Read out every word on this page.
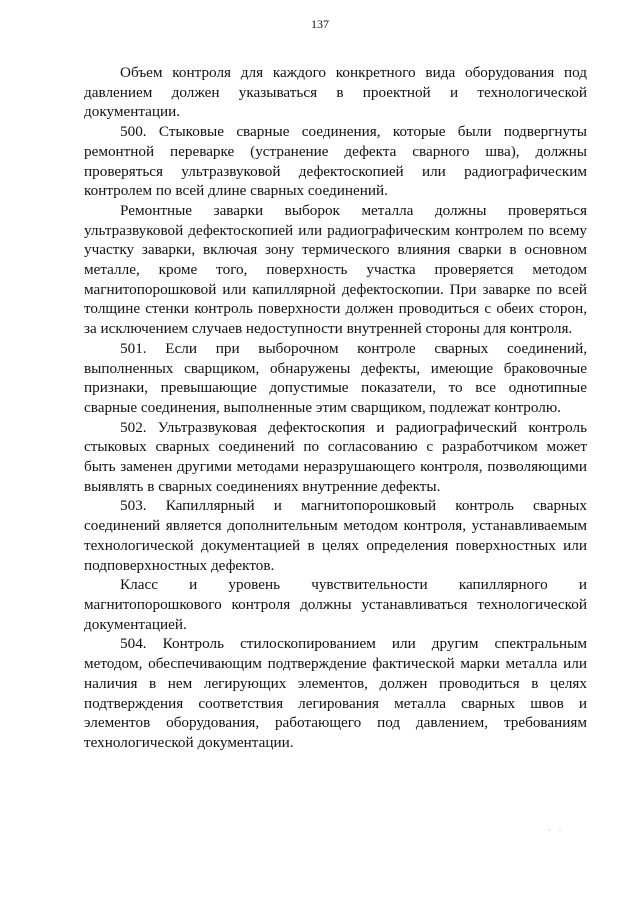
137

Объем контроля для каждого конкретного вида оборудования под давлением должен указываться в проектной и технологической документации.

500. Стыковые сварные соединения, которые были подвергнуты ремонтной переварке (устранение дефекта сварного шва), должны проверяться ультразвуковой дефектоскопией или радиографическим контролем по всей длине сварных соединений.

Ремонтные заварки выборок металла должны проверяться ультразвуковой дефектоскопией или радиографическим контролем по всему участку заварки, включая зону термического влияния сварки в основном металле, кроме того, поверхность участка проверяется методом магнитопорошковой или капиллярной дефектоскопии. При заварке по всей толщине стенки контроль поверхности должен проводиться с обеих сторон, за исключением случаев недоступности внутренней стороны для контроля.

501. Если при выборочном контроле сварных соединений, выполненных сварщиком, обнаружены дефекты, имеющие браковочные признаки, превышающие допустимые показатели, то все однотипные сварные соединения, выполненные этим сварщиком, подлежат контролю.

502. Ультразвуковая дефектоскопия и радиографический контроль стыковых сварных соединений по согласованию с разработчиком может быть заменен другими методами неразрушающего контроля, позволяющими выявлять в сварных соединениях внутренние дефекты.

503. Капиллярный и магнитопорошковый контроль сварных соединений является дополнительным методом контроля, устанавливаемым технологической документацией в целях определения поверхностных или подповерхностных дефектов.

Класс и уровень чувствительности капиллярного и магнитопорошкового контроля должны устанавливаться технологической документацией.

504. Контроль стилоскопированием или другим спектральным методом, обеспечивающим подтверждение фактической марки металла или наличия в нем легирующих элементов, должен проводиться в целях подтверждения соответствия легирования металла сварных швов и элементов оборудования, работающего под давлением, требованиям технологической документации.

· ·
